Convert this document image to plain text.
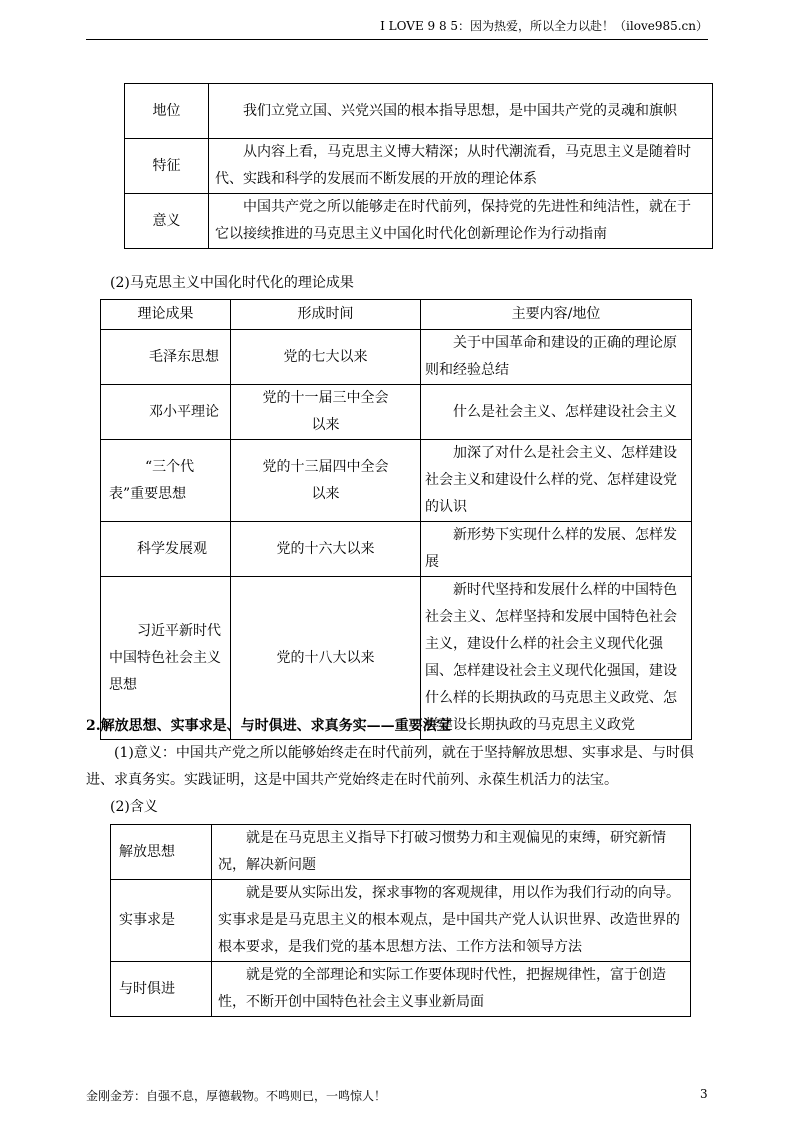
I LOVE 9 8 5：因为热爱，所以全力以赴！（ilove985.cn）
地位	我们立党立国、兴党兴国的根本指导思想，是中国共产党的灵魂和旗帜
特征	从内容上看，马克思主义博大精深；从时代潮流看，马克思主义是随着时代、实践和科学的发展而不断发展的开放的理论体系
意义	中国共产党之所以能够走在时代前列，保持党的先进性和纯洁性，就在于它以接续推进的马克思主义中国化时代化创新理论作为行动指南
(2)马克思主义中国化时代化的理论成果
理论成果	形成时间	主要内容/地位

毛泽东思想	党的七大以来	关于中国革命和建设的正确的理论原则和经验总结

邓小平理论	党的十一届三中全会以来	什么是社会主义、怎样建设社会主义
“三个代表”重要思想	党的十三届四中全会以来	加深了对什么是社会主义、怎样建设社会主义和建设什么样的党、怎样建设党的认识

科学发展观	党的十六大以来	新形势下实现什么样的发展、怎样发展
习近平新时代中国特色社会主义思想	党的十八大以来	新时代坚持和发展什么样的中国特色社会主义、怎样坚持和发展中国特色社会主义，建设什么样的社会主义现代化强国、怎样建设社会主义现代化强国，建设什么样的长期执政的马克思主义政党、怎样建设长期执政的马克思主义政党
2.解放思想、实事求是、与时俱进、求真务实——重要法宝
(1)意义：中国共产党之所以能够始终走在时代前列，就在于坚持解放思想、实事求是、与时俱进、求真务实。实践证明，这是中国共产党始终走在时代前列、永葆生机活力的法宝。
(2)含义
解放思想	就是在马克思主义指导下打破习惯势力和主观偏见的束缚，研究新情况，解决新问题
实事求是	就是要从实际出发，探求事物的客观规律，用以作为我们行动的向导。实事求是是马克思主义的根本观点，是中国共产党人认识世界、改造世界的根本要求，是我们党的基本思想方法、工作方法和领导方法
与时俱进	就是党的全部理论和实际工作要体现时代性，把握规律性，富于创造性，不断开创中国特色社会主义事业新局面
金刚金芳：自强不息，厚德载物。不鸣则已，一鸣惊人！	3
